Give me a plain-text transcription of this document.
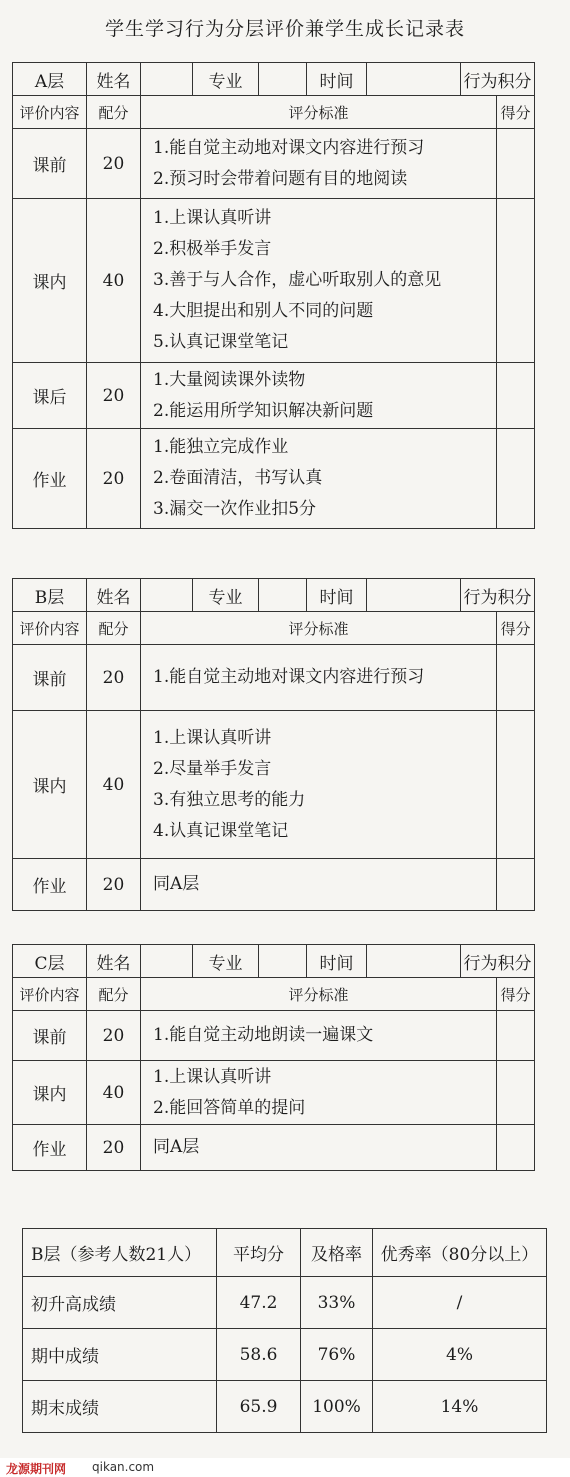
学生学习行为分层评价兼学生成长记录表
A层	姓名		专业		时间		行为积分	
评价内容	配分	评分标准						得分
课前	20	1.能自觉主动地对课文内容进行预习
2.预习时会带着问题有目的地阅读						

课内	40	1.上课认真听讲
2.积极举手发言
3.善于与人合作，虚心听取别人的意见
4.大胆提出和别人不同的问题
5.认真记课堂笔记						

课后	20	1.大量阅读课外读物
2.能运用所学知识解决新问题						

作业	20	1.能独立完成作业
2.卷面清洁，书写认真
3.漏交一次作业扣5分						

B层	姓名		专业		时间		行为积分	
评价内容	配分	评分标准						得分
课前	20	1.能自觉主动地对课文内容进行预习						

课内	40	1.上课认真听讲
2.尽量举手发言
3.有独立思考的能力
4.认真记课堂笔记						

作业	20	同A层						

C层	姓名		专业		时间		行为积分	
评价内容	配分	评分标准						得分
课前	20	1.能自觉主动地朗读一遍课文						

课内	40	1.上课认真听讲
2.能回答简单的提问						

作业	20	同A层						

B层（参考人数21人）	平均分	及格率	优秀率（80分以上）
初升高成绩	47.2	33%	/
期中成绩	58.6	76%	4%
期末成绩	65.9	100%	14%
龙源期刊网 qikan.com
